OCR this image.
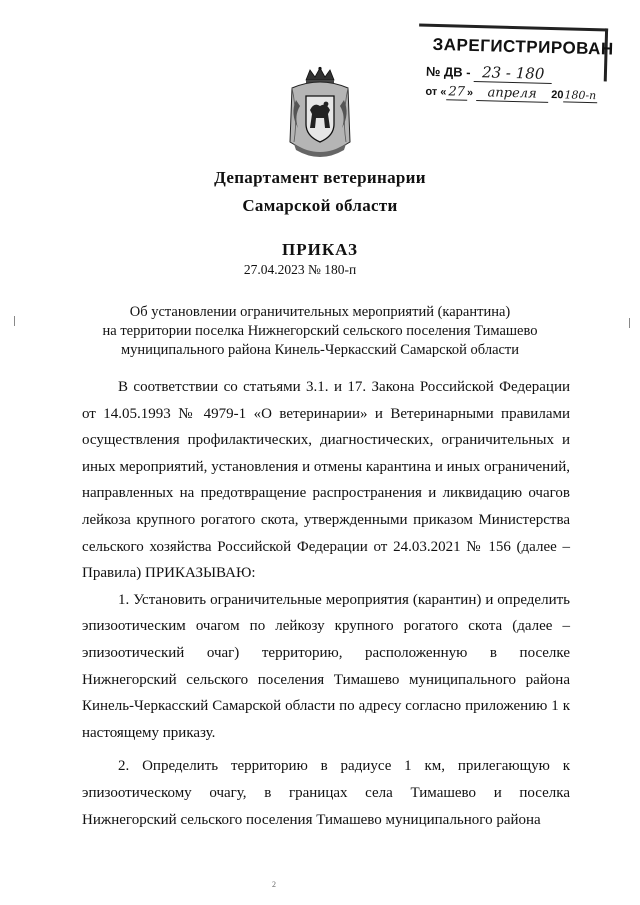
ЗАРЕГИСТРИРОВАН
№ ДВ - 23 - 180
от « 27 » апреля 20180-п
Департамент ветеринарии
Самарской области
ПРИКАЗ
27.04.2023 № 180-п
Об установлении ограничительных мероприятий (карантина)
на территории поселка Нижнегорский сельского поселения Тимашево
муниципального района Кинель-Черкасский Самарской области

В соответствии со статьями 3.1. и 17. Закона Российской Федерации от 14.05.1993 № 4979-1 «О ветеринарии» и Ветеринарными правилами осуществления профилактических, диагностических, ограничительных и иных мероприятий, установления и отмены карантина и иных ограничений, направленных на предотвращение распространения и ликвидацию очагов лейкоза крупного рогатого скота, утвержденными приказом Министерства сельского хозяйства Российской Федерации от 24.03.2021 № 156 (далее – Правила) ПРИКАЗЫВАЮ:

1. Установить ограничительные мероприятия (карантин) и определить эпизоотическим очагом по лейкозу крупного рогатого скота (далее – эпизоотический очаг) территорию, расположенную в поселке Нижнегорский сельского поселения Тимашево муниципального района Кинель-Черкасский Самарской области по адресу согласно приложению 1 к настоящему приказу.

2. Определить территорию в радиусе 1 км, прилегающую к эпизоотическому очагу, в границах села Тимашево и поселка Нижнегорский сельского поселения Тимашево муниципального района

2
